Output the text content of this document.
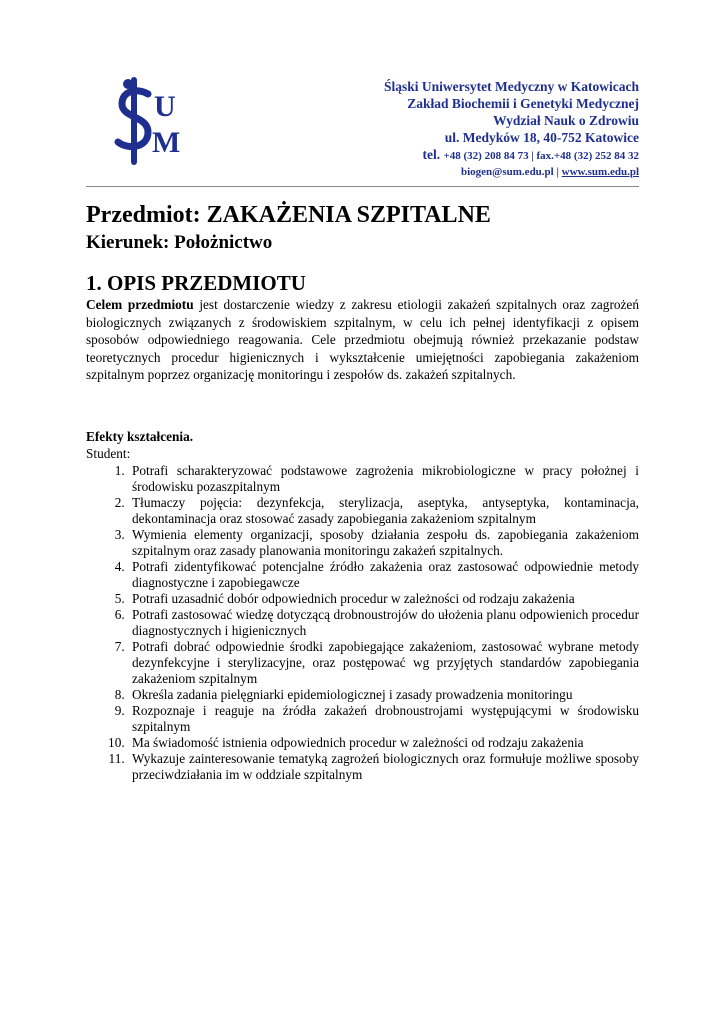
U
M
Śląski Uniwersytet Medyczny w Katowicach
Zakład Biochemii i Genetyki Medycznej
Wydział Nauk o Zdrowiu
ul. Medyków 18, 40-752 Katowice
tel. +48 (32) 208 84 73 | fax.+48 (32) 252 84 32
biogen@sum.edu.pl | www.sum.edu.pl
Przedmiot: ZAKAŻENIA SZPITALNE
Kierunek: Położnictwo
1. OPIS PRZEDMIOTU

Celem przedmiotu jest dostarczenie wiedzy z zakresu etiologii zakażeń szpitalnych oraz zagrożeń biologicznych związanych z środowiskiem szpitalnym, w celu ich pełnej identyfikacji z opisem sposobów odpowiedniego reagowania. Cele przedmiotu obejmują również przekazanie podstaw teoretycznych procedur higienicznych i wykształcenie umiejętności zapobiegania zakażeniom szpitalnym poprzez organizację monitoringu i zespołów ds. zakażeń szpitalnych.

Efekty kształcenia.
Student:
1. Potrafi scharakteryzować podstawowe zagrożenia mikrobiologiczne w pracy położnej i środowisku pozaszpitalnym
2. Tłumaczy pojęcia: dezynfekcja, sterylizacja, aseptyka, antyseptyka, kontaminacja, dekontaminacja oraz stosować zasady zapobiegania zakażeniom szpitalnym
3. Wymienia elementy organizacji, sposoby działania zespołu ds. zapobiegania zakażeniom szpitalnym oraz zasady planowania monitoringu zakażeń szpitalnych.
4. Potrafi zidentyfikować potencjalne źródło zakażenia oraz zastosować odpowiednie metody diagnostyczne i zapobiegawcze
5. Potrafi uzasadnić dobór odpowiednich procedur w zależności od rodzaju zakażenia
6. Potrafi zastosować wiedzę dotyczącą drobnoustrojów do ułożenia planu odpowienich procedur diagnostycznych i higienicznych
7. Potrafi dobrać odpowiednie środki zapobiegające zakażeniom, zastosować wybrane metody dezynfekcyjne i sterylizacyjne, oraz postępować wg przyjętych standardów zapobiegania zakażeniom szpitalnym
8. Określa zadania pielęgniarki epidemiologicznej i zasady prowadzenia monitoringu
9. Rozpoznaje i reaguje na źródła zakażeń drobnoustrojami występującymi w środowisku szpitalnym
10. Ma świadomość istnienia odpowiednich procedur w zależności od rodzaju zakażenia
11. Wykazuje zainteresowanie tematyką zagrożeń biologicznych oraz formułuje możliwe sposoby przeciwdziałania im w oddziale szpitalnym
